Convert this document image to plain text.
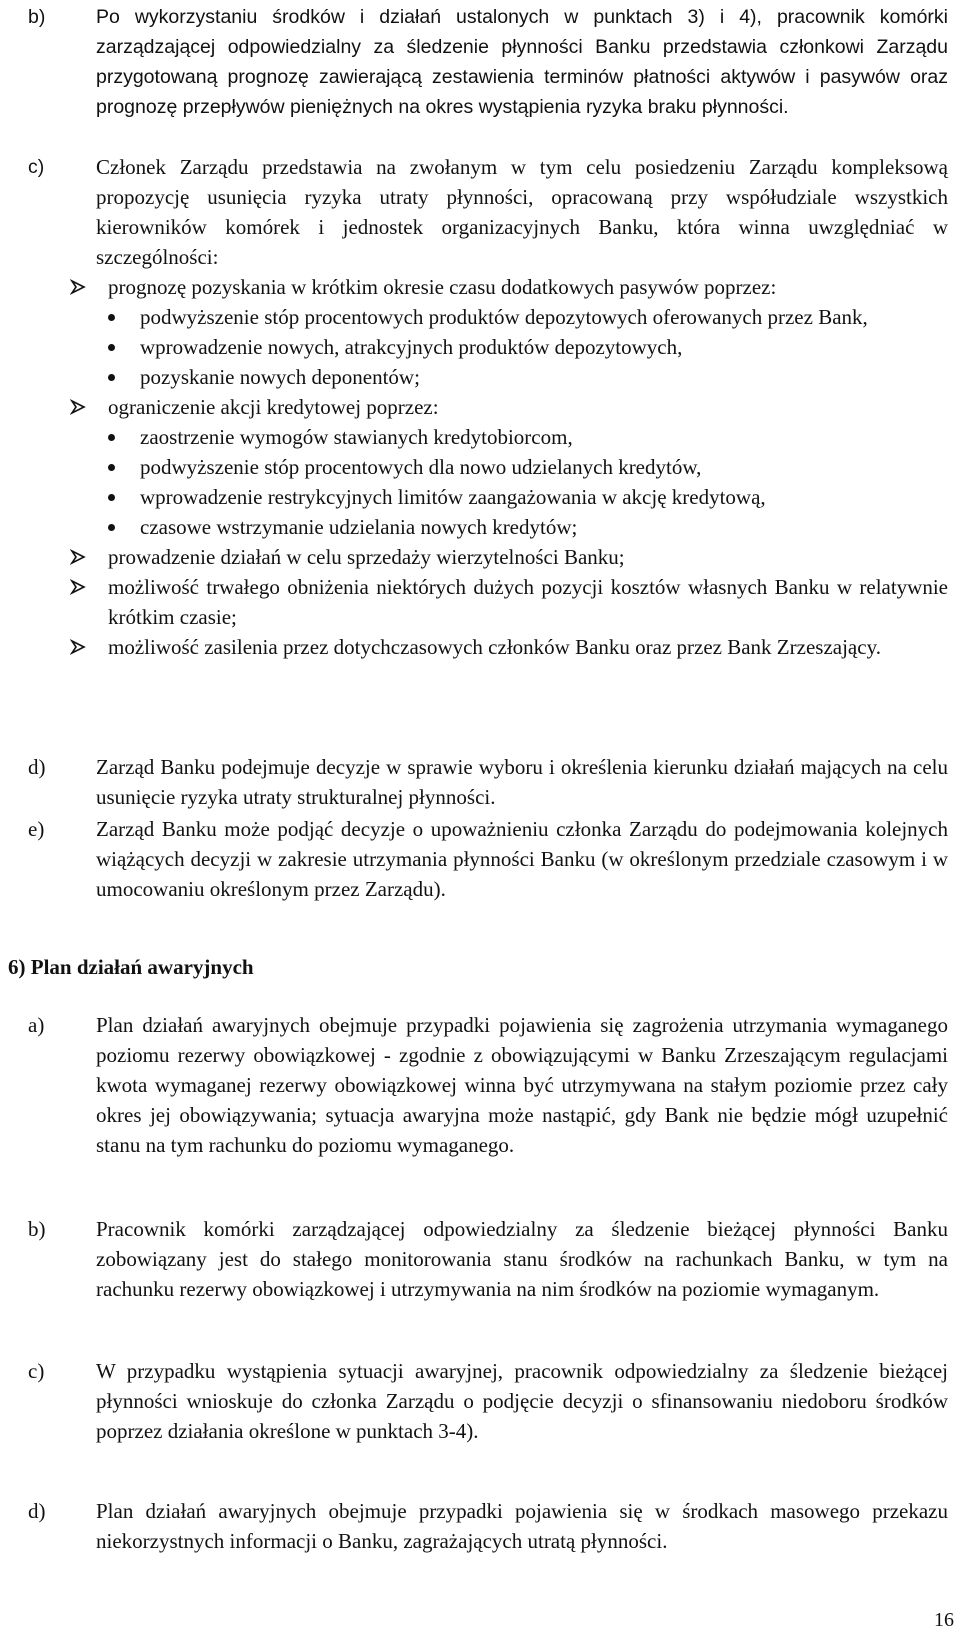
b)	Po wykorzystaniu środków i działań ustalonych w punktach 3) i 4), pracownik komórki zarządzającej odpowiedzialny za śledzenie płynności Banku przedstawia członkowi Zarządu przygotowaną prognozę zawierającą zestawienia terminów płatności aktywów i pasywów oraz prognozę przepływów pieniężnych na okres wystąpienia ryzyka braku płynności.
c) Członek Zarządu przedstawia na zwołanym w tym celu posiedzeniu Zarządu kompleksową propozycję usunięcia ryzyka utraty płynności, opracowaną przy współudziale wszystkich kierowników komórek i jednostek organizacyjnych Banku, która winna uwzględniać w szczególności:
prognozę pozyskania w krótkim okresie czasu dodatkowych pasywów poprzez:
podwyższenie stóp procentowych produktów depozytowych oferowanych przez Bank,
wprowadzenie nowych, atrakcyjnych produktów depozytowych,
pozyskanie nowych deponentów;
ograniczenie akcji kredytowej poprzez:
zaostrzenie wymogów stawianych kredytobiorcom,
podwyższenie stóp procentowych dla nowo udzielanych kredytów,
wprowadzenie restrykcyjnych limitów zaangażowania w akcję kredytową,
czasowe wstrzymanie udzielania nowych kredytów;
prowadzenie działań w celu sprzedaży wierzytelności Banku;
możliwość trwałego obniżenia niektórych dużych pozycji kosztów własnych Banku w relatywnie krótkim czasie;
możliwość zasilenia przez dotychczasowych członków Banku oraz przez Bank Zrzeszający.
d) Zarząd Banku podejmuje decyzje w sprawie wyboru i określenia kierunku działań mających na celu usunięcie ryzyka utraty strukturalnej płynności.
e) Zarząd Banku może podjąć decyzje o upoważnieniu członka Zarządu do podejmowania kolejnych wiążących decyzji w zakresie utrzymania płynności Banku (w określonym przedziale czasowym i w umocowaniu określonym przez Zarządu).
6) Plan działań awaryjnych
a) Plan działań awaryjnych obejmuje przypadki pojawienia się zagrożenia utrzymania wymaganego poziomu rezerwy obowiązkowej - zgodnie z obowiązującymi w Banku Zrzeszającym regulacjami kwota wymaganej rezerwy obowiązkowej winna być utrzymywana na stałym poziomie przez cały okres jej obowiązywania; sytuacja awaryjna może nastąpić, gdy Bank nie będzie mógł uzupełnić stanu na tym rachunku do poziomu wymaganego.
b) Pracownik komórki zarządzającej odpowiedzialny za śledzenie bieżącej płynności Banku zobowiązany jest do stałego monitorowania stanu środków na rachunkach Banku, w tym na rachunku rezerwy obowiązkowej i utrzymywania na nim środków na poziomie wymaganym.
c) W przypadku wystąpienia sytuacji awaryjnej, pracownik odpowiedzialny za śledzenie bieżącej płynności wnioskuje do członka Zarządu o podjęcie decyzji o sfinansowaniu niedoboru środków poprzez działania określone w punktach 3-4).
d) Plan działań awaryjnych obejmuje przypadki pojawienia się w środkach masowego przekazu niekorzystnych informacji o Banku, zagrażających utratą płynności.
16
